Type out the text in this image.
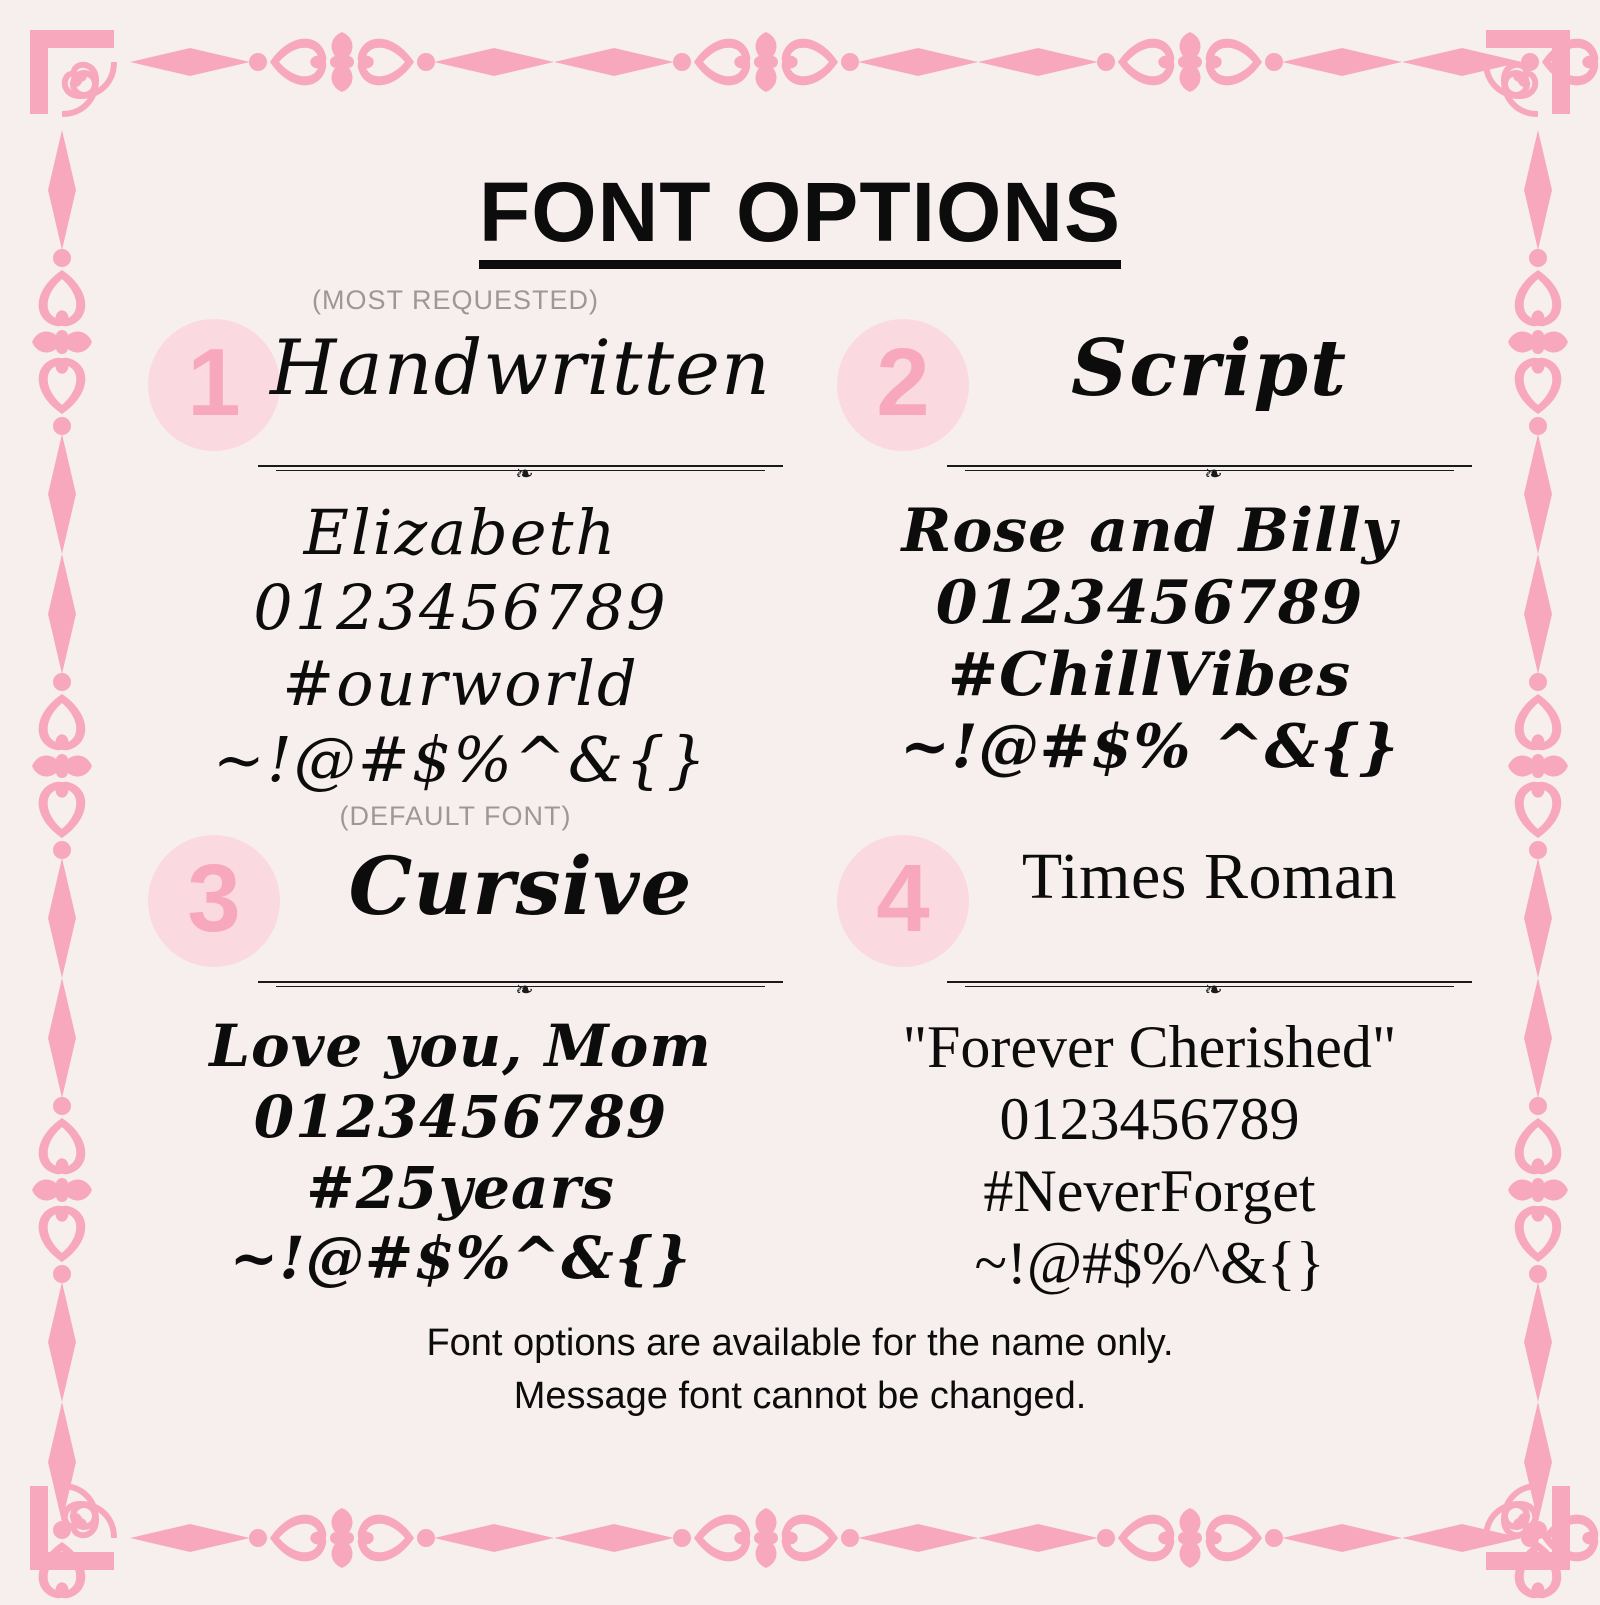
FONT OPTIONS
(MOST REQUESTED)
1 Handwritten
❧
Elizabeth
0123456789
#ourworld
~!@#$%^&{}
2	Script
❧
Rose and Billy
0123456789
#ChillVibes
~!@#$% ^&{}
(DEFAULT FONT)
3	Cursive
❧
Love you, Mom
0123456789
#25years
~!@#$%^&{}
4	Times Roman
❧
"Forever Cherished"
0123456789
#NeverForget
~!@#$%^&{}
Font options are available for the name only.
Message font cannot be changed.
